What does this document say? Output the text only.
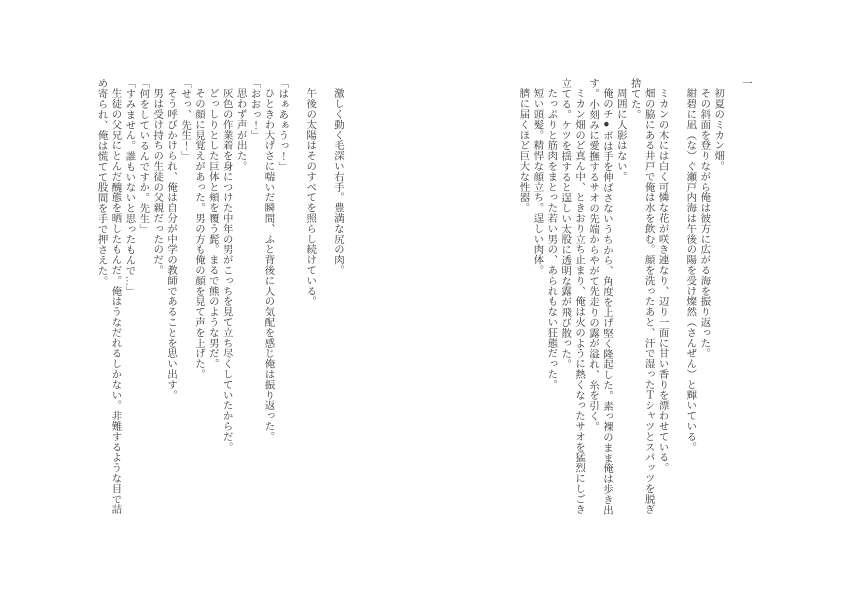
一

初夏のミカン畑。

その斜面を登りながら俺は彼方に広がる海を振り返った。

紺碧に凪（な）ぐ瀬戸内海は午後の陽を受け燦然（さんぜん）と輝いている。

ミカンの木には白く可憐な花が咲き連なり、辺り一面に甘い香りを漂わせている。

畑の脇にある井戸で俺は水を飲む。顔を洗ったあと、汗で湿ったＴシャツとスパッツを脱ぎ捨てた。

周囲に人影はない。

俺のチ●ボは手を伸ばさないうちから、角度を上げ堅く隆起した。素っ裸のまま俺は歩き出す。小刻みに愛撫するサオの先端からやがて先走りの露が溢れ、糸を引く。

ミカン畑のど真ん中、ときおり立ち止まり、俺は火のように熱くなったサオを猛烈にしごき立てる。ケツを揺すると逞しい太股に透明な露が飛び散った。

たっぷりと筋肉をまとった若い男の、あられもない狂態だった。

短い頭髪。精悍な顔立ち。逞しい肉体。

臍に届くほど巨大な性器。

激しく動く毛深い右手。豊満な尻の肉。

午後の太陽はそのすべてを照らし続けている。

「はぁあぁうっ！」

ひときわ大げさに喘いだ瞬間、ふと背後に人の気配を感じ俺は振り返った。

「おおっ！」

思わず声が出た。

灰色の作業着を身につけた中年の男がこっちを見て立ち尽くしていたからだ。

どっしりとした巨体と頬を覆う髭。まるで熊のような男だ。

その顔に見覚えがあった。男の方も俺の顔を見て声を上げた。

「せっ、先生！」

そう呼びかけられ、俺は自分が中学の教師であることを思い出す。

男は受け持ちの生徒の父親だったのだ。

「何をしているんですか。先生」

「すみません。誰もいないと思ったもんで…」

生徒の父兄にとんだ醜態を晒したもんだ。俺はうなだれるしかない。非難するような目で詰め寄られ、俺は慌てて股間を手で押さえた。
